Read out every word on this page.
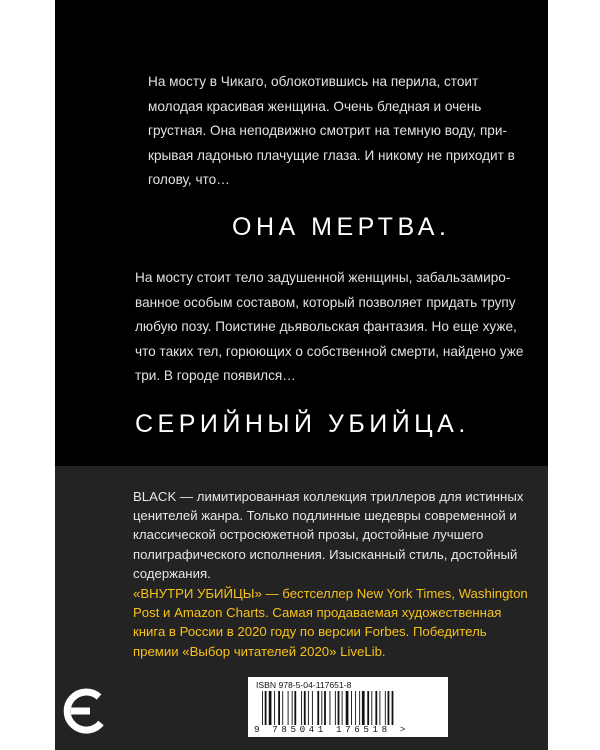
На мосту в Чикаго, облокотившись на перила, стоит молодая красивая женщина. Очень бледная и очень грустная. Она неподвижно смотрит на темную воду, прикрывая ладонью плачущие глаза. И никому не приходит в голову, что…

ОНА МЕРТВА.

На мосту стоит тело задушенной женщины, забальзамированное особым составом, который позволяет придать трупу любую позу. Поистине дьявольская фантазия. Но еще хуже, что таких тел, горюющих о собственной смерти, найдено уже три. В городе появился…

СЕРИЙНЫЙ УБИЙЦА.

BLACK — лимитированная коллекция триллеров для истинных ценителей жанра. Только подлинные шедевры современной и классической остросюжетной прозы, достойные лучшего полиграфического исполнения. Изысканный стиль, достойный содержания.

«ВНУТРИ УБИЙЦЫ» — бестселлер New York Times, Washington Post и Amazon Charts. Самая продаваемая художественная книга в России в 2020 году по версии Forbes. Победитель премии «Выбор читателей 2020» LiveLib.

ISBN 978-5-04-117651-8
9 785041 176518 >
